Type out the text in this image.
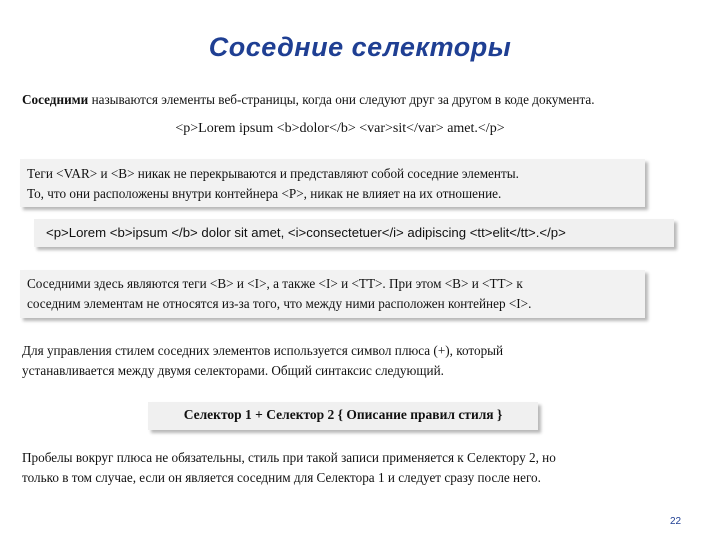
Соседние селекторы
Соседними называются элементы веб-страницы, когда они следуют друг за другом в коде документа.
<p>Lorem ipsum <b>dolor</b> <var>sit</var> amet.</p>
Теги <VAR> и <B> никак не перекрываются и представляют собой соседние элементы.
То, что они расположены внутри контейнера <P>, никак не влияет на их отношение.
<p>Lorem <b>ipsum </b> dolor sit amet, <i>consectetuer</i> adipiscing <tt>elit</tt>.</p>
Соседними здесь являются теги <B> и <I>, а также <I> и <TT>. При этом <B> и <TT> к
соседним элементам не относятся из-за того, что между ними расположен контейнер <I>.
Для управления стилем соседних элементов используется символ плюса (+), который
устанавливается между двумя селекторами. Общий синтаксис следующий.
Селектор 1 + Селектор 2 { Описание правил стиля }
Пробелы вокруг плюса не обязательны, стиль при такой записи применяется к Селектору 2, но
только в том случае, если он является соседним для Селектора 1 и следует сразу после него.
22
